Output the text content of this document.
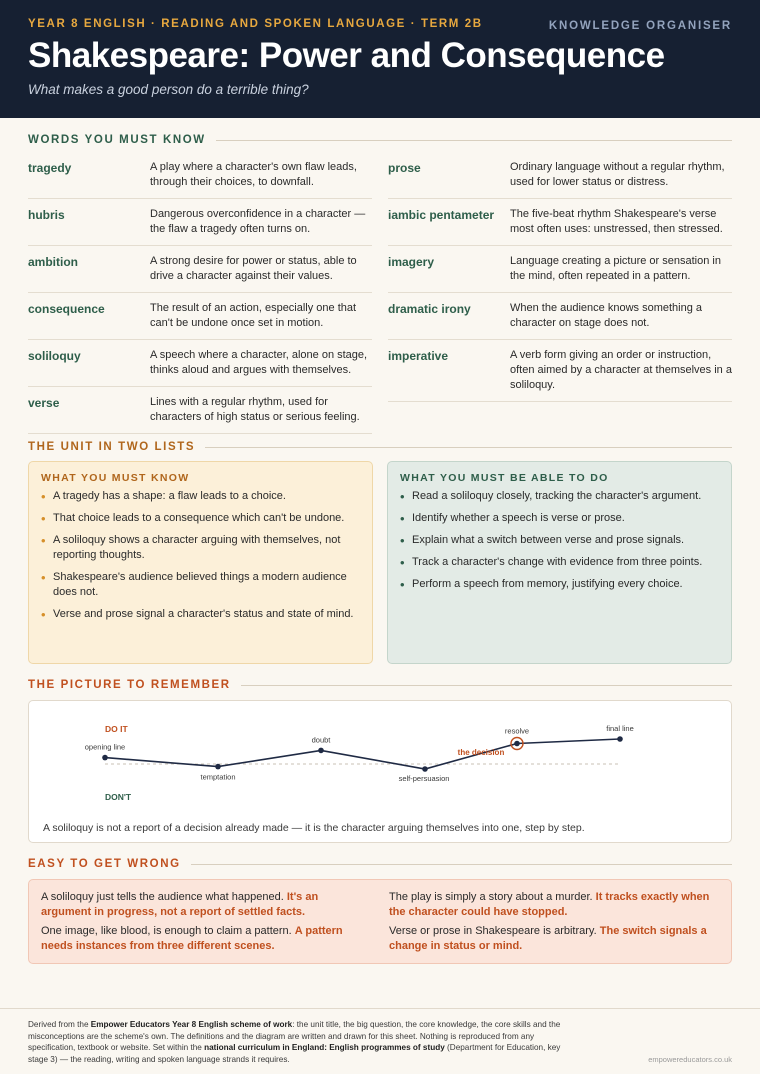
YEAR 8 ENGLISH · READING AND SPOKEN LANGUAGE · TERM 2B	KNOWLEDGE ORGANISER
Shakespeare: Power and Consequence
What makes a good person do a terrible thing?
WORDS YOU MUST KNOW
tragedy	A play where a character's own flaw leads, through their choices, to downfall.
hubris	Dangerous overconfidence in a character — the flaw a tragedy often turns on.
ambition	A strong desire for power or status, able to drive a character against their values.
consequence	The result of an action, especially one that can't be undone once set in motion.
soliloquy	A speech where a character, alone on stage, thinks aloud and argues with themselves.
verse	Lines with a regular rhythm, used for characters of high status or serious feeling.
prose	Ordinary language without a regular rhythm, used for lower status or distress.
iambic pentameter	The five-beat rhythm Shakespeare's verse most often uses: unstressed, then stressed.
imagery	Language creating a picture or sensation in the mind, often repeated in a pattern.
dramatic irony	When the audience knows something a character on stage does not.
imperative	A verb form giving an order or instruction, often aimed by a character at themselves in a soliloquy.
THE UNIT IN TWO LISTS
WHAT YOU MUST KNOW
• A tragedy has a shape: a flaw leads to a choice.
• That choice leads to a consequence which can't be undone.
• A soliloquy shows a character arguing with themselves, not reporting thoughts.
• Shakespeare's audience believed things a modern audience does not.
• Verse and prose signal a character's status and state of mind.
WHAT YOU MUST BE ABLE TO DO
• Read a soliloquy closely, tracking the character's argument.
• Identify whether a speech is verse or prose.
• Explain what a switch between verse and prose signals.
• Track a character's change with evidence from three points.
• Perform a speech from memory, justifying every choice.
THE PICTURE TO REMEMBER
opening line
temptation
doubt
self-persuasion
resolve	final line
the decision
DO IT
DON'T
A soliloquy is not a report of a decision already made — it is the character arguing themselves into one, step by step.
EASY TO GET WRONG
A soliloquy just tells the audience what happened. It's an argument in progress, not a report of settled facts.
The play is simply a story about a murder. It tracks exactly when the character could have stopped.
One image, like blood, is enough to claim a pattern. A pattern needs instances from three different scenes.
Verse or prose in Shakespeare is arbitrary. The switch signals a change in status or mind.
Derived from the Empower Educators Year 8 English scheme of work: the unit title, the big question, the core knowledge, the core skills and the misconceptions are the scheme's own. The definitions and the diagram are written and drawn for this sheet. Nothing is reproduced from any specification, textbook or website. Set within the national curriculum in England: English programmes of study (Department for Education, key stage 3) — the reading, writing and spoken language strands it requires.	empowereducators.co.uk
